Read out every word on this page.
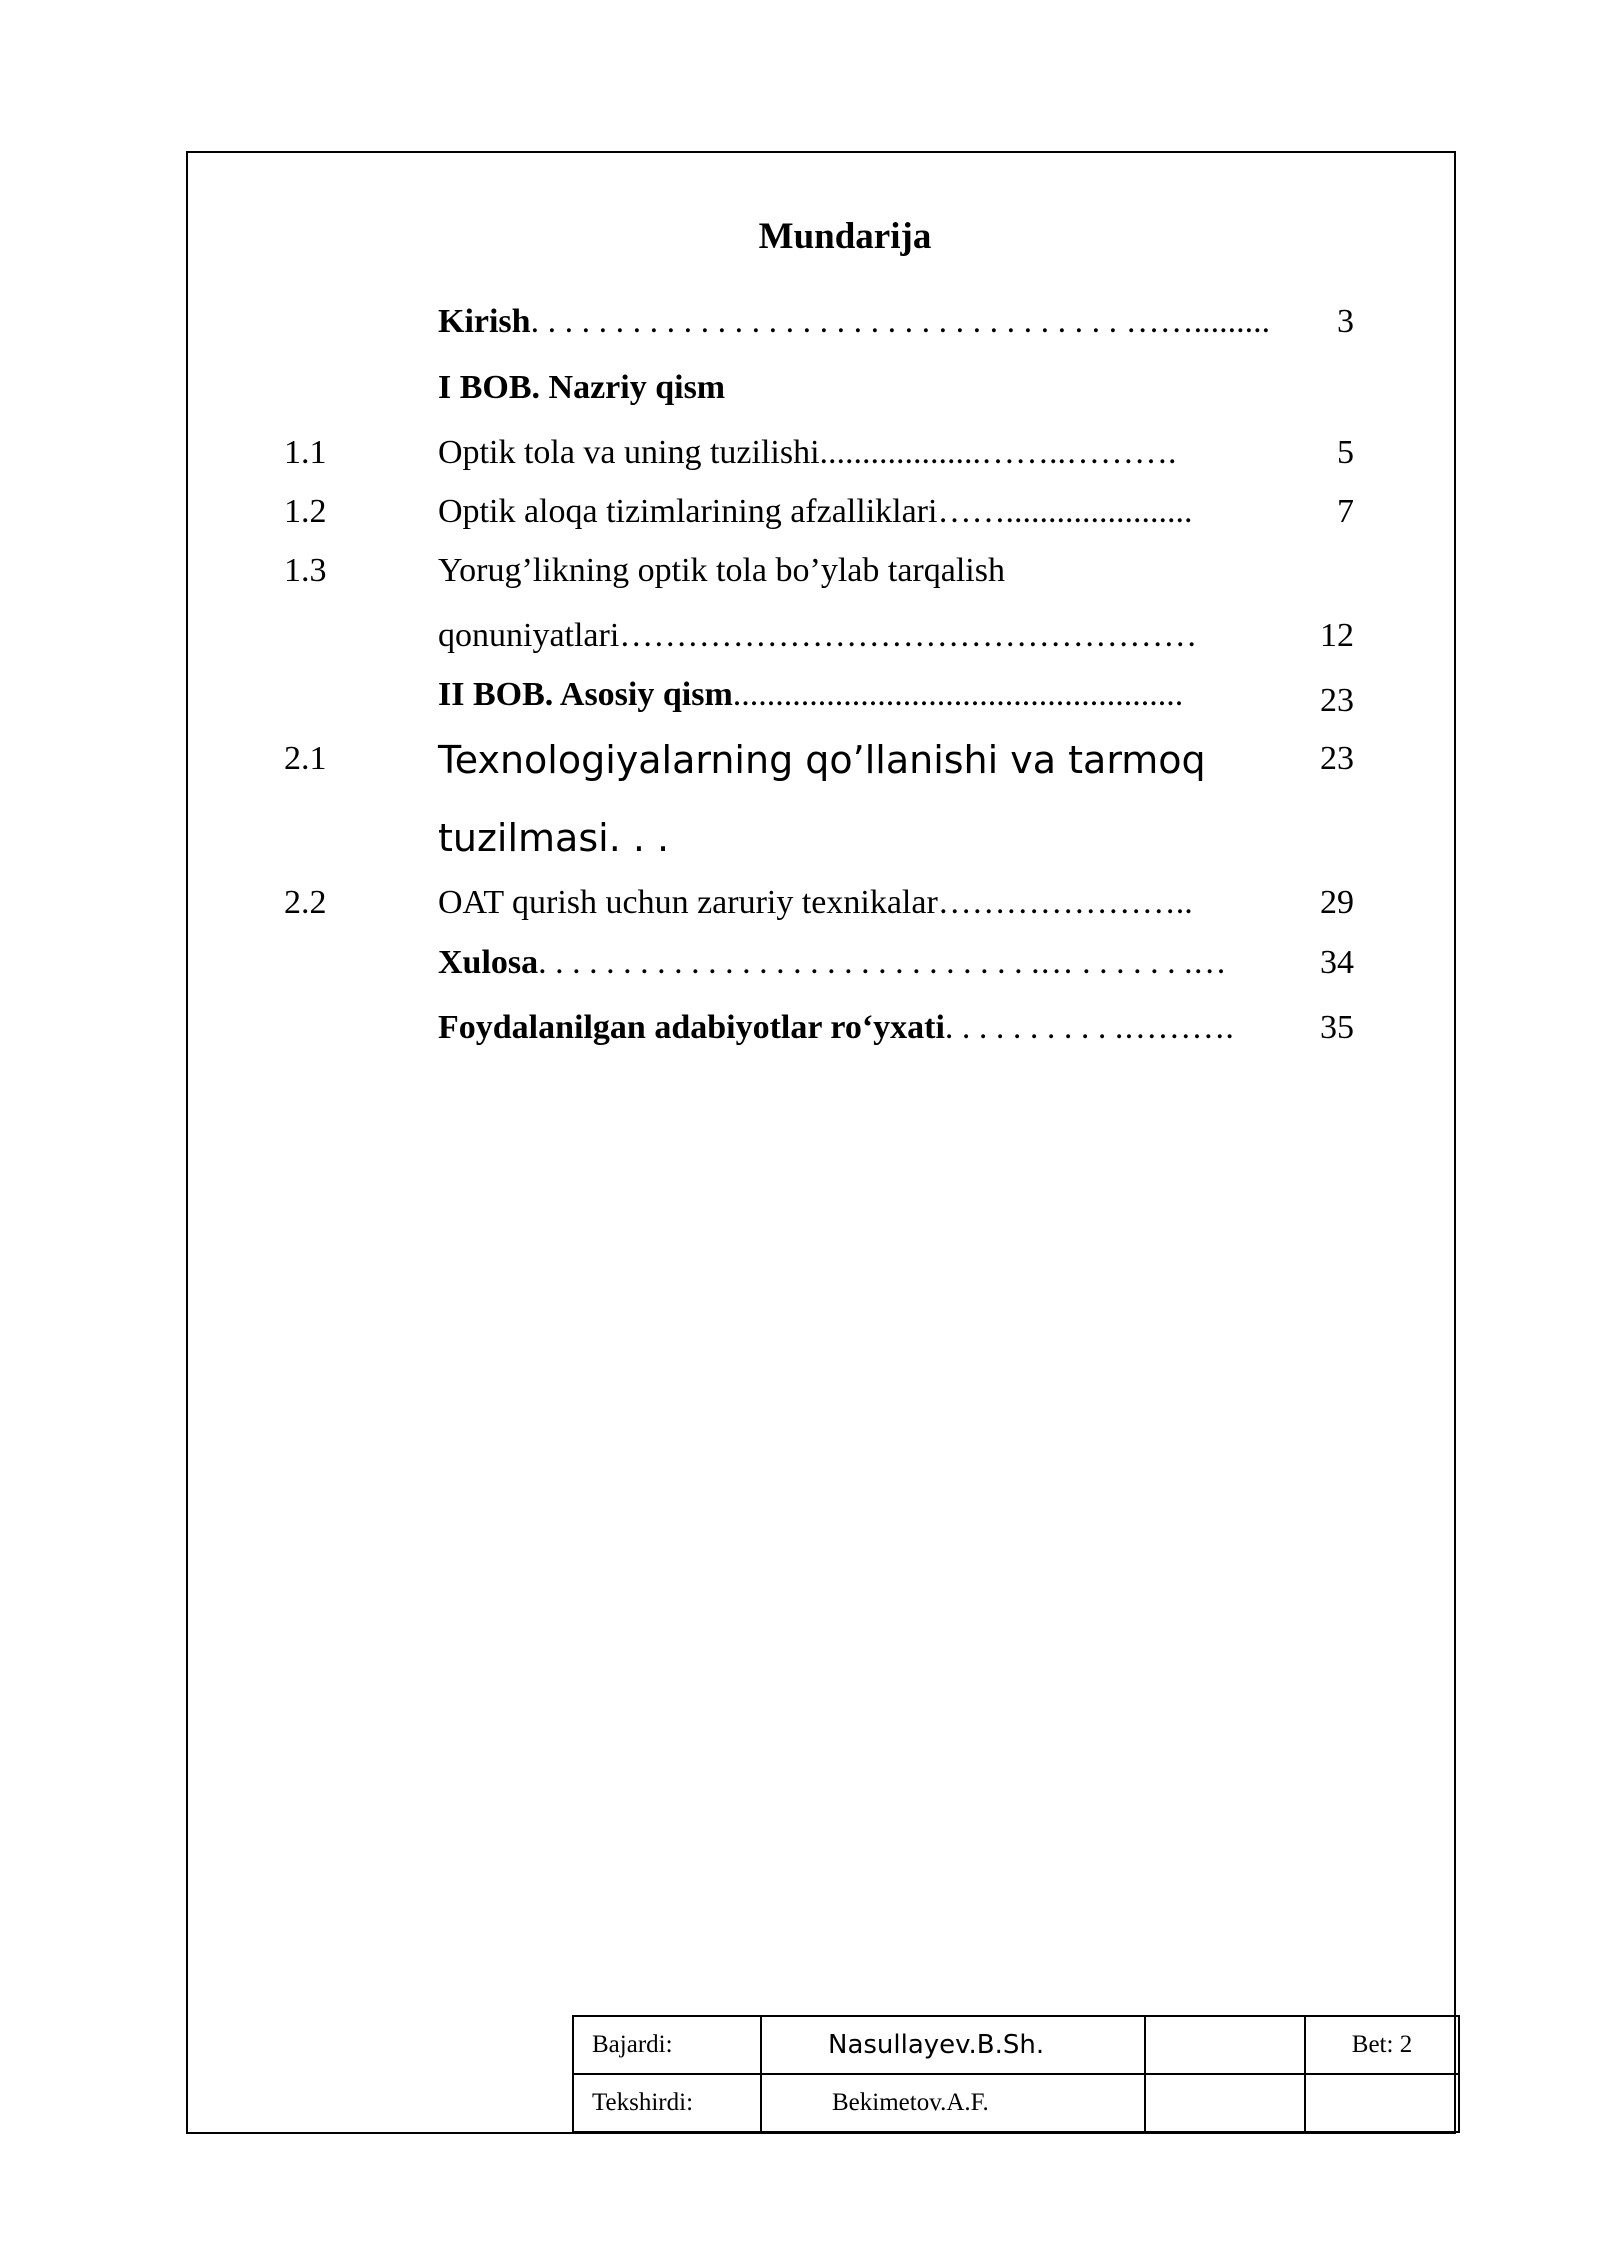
Mundarija
Kirish. . . . . . . . . . . . . . . . . . . . . . . . . . . . . . . . . . . …….........	3
I BOB. Nazriy qism
1.1	Optik tola va uning tuzilishi...................……..……….	5
1.2	Optik aloqa tizimlarining afzalliklari……......................	7
1.3	Yorug’likning optik tola bo’ylab tarqalish
qonuniyatlari……………………………………………	12
II BOB. Asosiy qism.....................................................	23
2.1	Texnologiyalarning qo’llanishi va tarmoq	23
tuzilmasi. . .
2.2	OAT qurish uchun zaruriy texnikalar…………………..	29
Xulosa. . . . . . . . . . . . . . . . . . . . . . . . . . . . . .… . . . . . . .…	34
Foydalanilgan adabiyotlar ro‘yxati. . . . . . . . . . .……….	35
Bajardi:	Nasullayev.B.Sh.		Bet: 2
Tekshirdi:	Bekimetov.A.F.		
